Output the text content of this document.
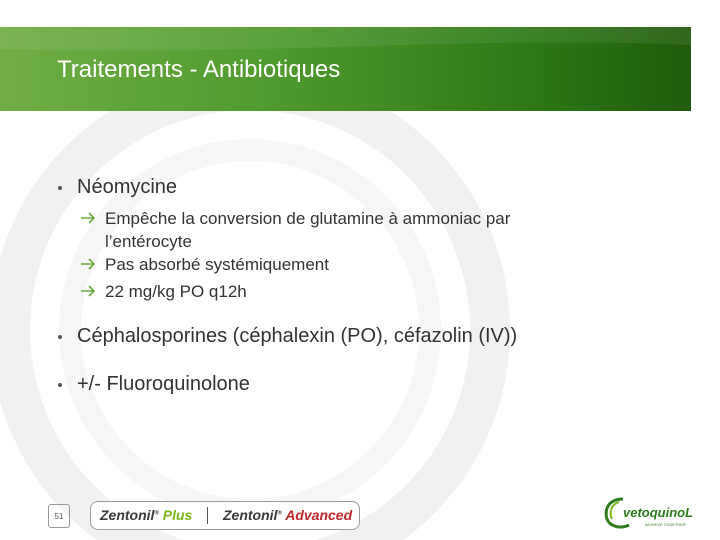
Traitements - Antibiotiques
Néomycine
Empêche la conversion de glutamine à ammoniac par
l’entérocyte
Pas absorbé systémiquement
22 mg/kg PO q12h
Céphalosporines (céphalexin (PO), céfazolin (IV))
+/- Fluoroquinolone
51	Zentonil® Plus Zentonil® Advanced	vetoquinoL
ACHIEVE TOGETHER
